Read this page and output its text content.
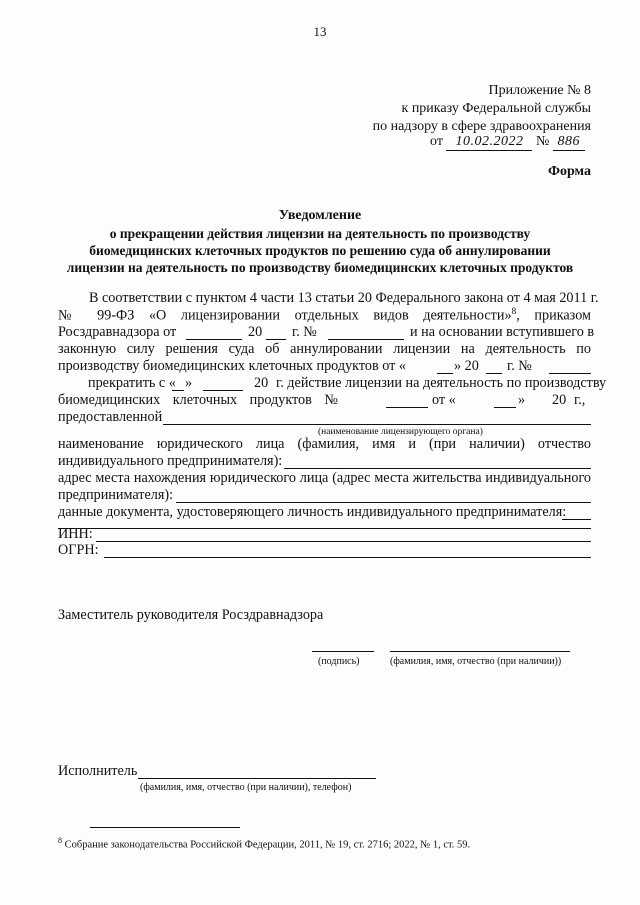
13
Приложение № 8
к приказу Федеральной службы
по надзору в сфере здравоохранения
от 10.02.2022 № 886
Форма
Уведомление
о прекращении действия лицензии на деятельность по производству
биомедицинских клеточных продуктов по решению суда об аннулировании
лицензии на деятельность по производству биомедицинских клеточных продуктов
В соответствии с пунктом 4 части 13 статьи 20 Федерального закона от 4 мая 2011 г.
№ 99-ФЗ «О лицензировании отдельных видов деятельности»$^8$, приказом
Росздравнадзора от	20 г. №	и на основании вступившего в
законную силу решения суда об аннулировании лицензии на деятельность по
производству биомедицинских клеточных продуктов от «	» 20 г. №
прекратить с « »	20 г. действие лицензии на деятельность по производству
биомедицинских клеточных продуктов №	от «	» 20 г.,
предоставленной
(наименование лицензирующего органа)
наименование юридического лица (фамилия, имя и (при наличии) отчество
индивидуального предпринимателя):
адрес места нахождения юридического лица (адрес места жительства индивидуального
предпринимателя):
данные документа, удостоверяющего личность индивидуального предпринимателя:
ИНН:
ОГРН:
Заместитель руководителя Росздравнадзора
(подпись)	(фамилия, имя, отчество (при наличии))
Исполнитель
(фамилия, имя, отчество (при наличии), телефон)
$^8$ Собрание законодательства Российской Федерации, 2011, № 19, ст. 2716; 2022, № 1, ст. 59.
